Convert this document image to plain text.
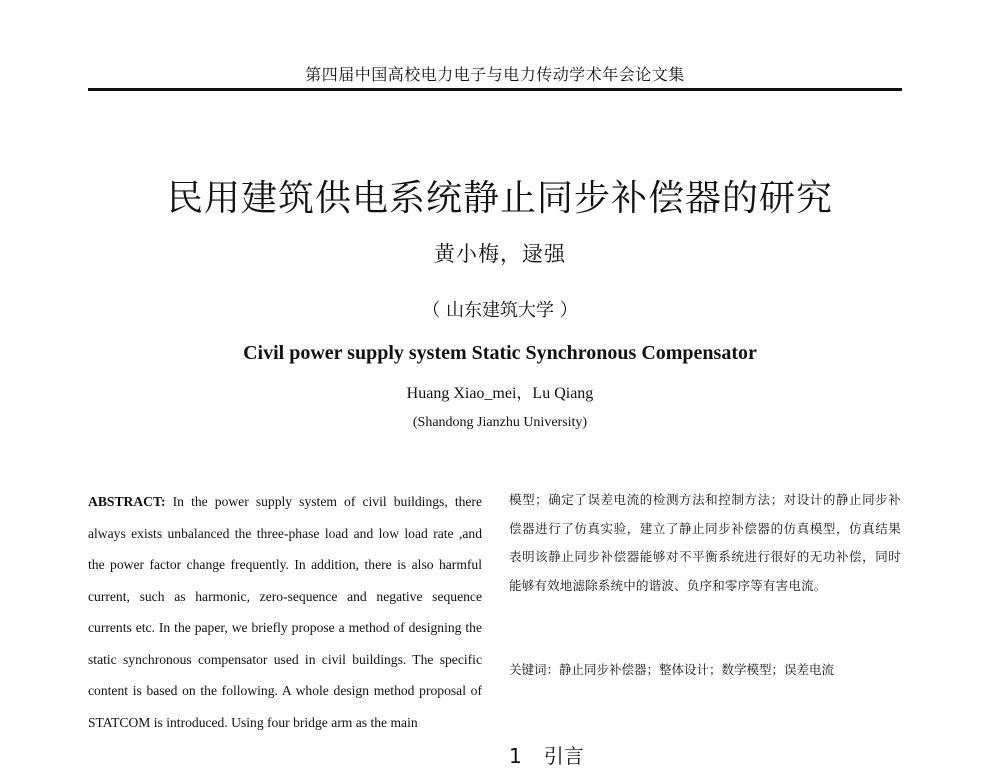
第四届中国高校电力电子与电力传动学术年会论文集
民用建筑供电系统静止同步补偿器的研究
黄小梅，逯强
（ 山东建筑大学 ）
Civil power supply system Static Synchronous Compensator
Huang Xiao_mei，Lu Qiang
(Shandong Jianzhu University)
ABSTRACT: In the power supply system of civil buildings, there always exists unbalanced the three-phase load and low load rate ,and the power factor change frequently. In addition, there is also harmful current, such as harmonic, zero-sequence and negative sequence currents etc. In the paper, we briefly propose a method of designing the static synchronous compensator used in civil buildings. The specific content is based on the following. A whole design method proposal of STATCOM is introduced. Using four bridge arm as the main
模型；确定了误差电流的检测方法和控制方法；对设计的静止同步补偿器进行了仿真实验，建立了静止同步补偿器的仿真模型，仿真结果表明该静止同步补偿器能够对不平衡系统进行很好的无功补偿，同时能够有效地滤除系统中的谐波、负序和零序等有害电流。
关键词：静止同步补偿器；整体设计；数学模型；误差电流
1 引言
